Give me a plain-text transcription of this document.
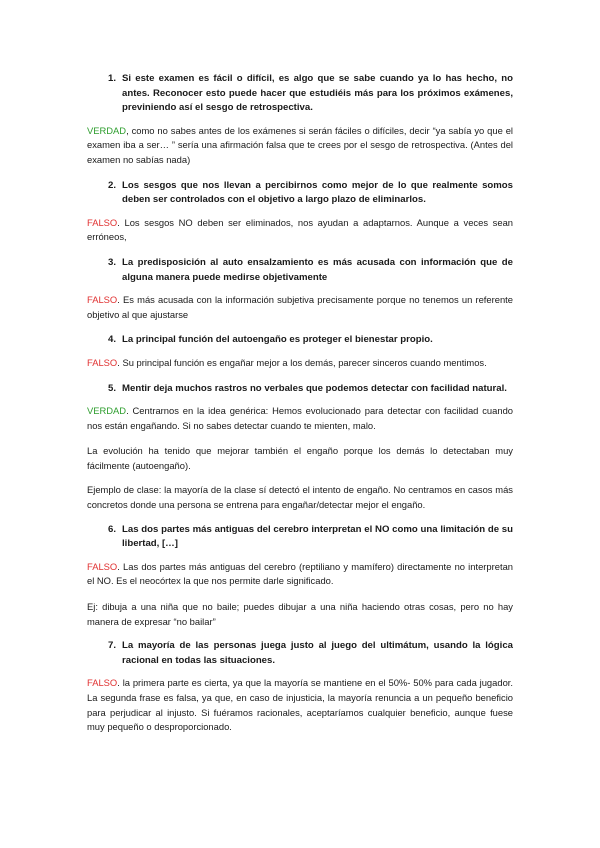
1. Si este examen es fácil o difícil, es algo que se sabe cuando ya lo has hecho, no antes. Reconocer esto puede hacer que estudiéis más para los próximos exámenes, previniendo así el sesgo de retrospectiva.

VERDAD, como no sabes antes de los exámenes si serán fáciles o difíciles, decir “ya sabía yo que el examen iba a ser… ” sería una afirmación falsa que te crees por el sesgo de retrospectiva. (Antes del examen no sabías nada)

2. Los sesgos que nos llevan a percibirnos como mejor de lo que realmente somos deben ser controlados con el objetivo a largo plazo de eliminarlos.

FALSO. Los sesgos NO deben ser eliminados, nos ayudan a adaptarnos. Aunque a veces sean erróneos,

3. La predisposición al auto ensalzamiento es más acusada con información que de alguna manera puede medirse objetivamente

FALSO. Es más acusada con la información subjetiva precisamente porque no tenemos un referente objetivo al que ajustarse

4. La principal función del autoengaño es proteger el bienestar propio.

FALSO. Su principal función es engañar mejor a los demás, parecer sinceros cuando mentimos.

5. Mentir deja muchos rastros no verbales que podemos detectar con facilidad natural.

VERDAD. Centrarnos en la idea genérica: Hemos evolucionado para detectar con facilidad cuando nos están engañando. Si no sabes detectar cuando te mienten, malo.

La evolución ha tenido que mejorar también el engaño porque los demás lo detectaban muy fácilmente (autoengaño).

Ejemplo de clase: la mayoría de la clase sí detectó el intento de engaño. No centramos en casos más concretos donde una persona se entrena para engañar/detectar mejor el engaño.

6. Las dos partes más antiguas del cerebro interpretan el NO como una limitación de su libertad, […]

FALSO. Las dos partes más antiguas del cerebro (reptiliano y mamífero) directamente no interpretan el NO. Es el neocórtex la que nos permite darle significado.

Ej: dibuja a una niña que no baile; puedes dibujar a una niña haciendo otras cosas, pero no hay manera de expresar “no bailar”

7. La mayoría de las personas juega justo al juego del ultimátum, usando la lógica racional en todas las situaciones.

FALSO. la primera parte es cierta, ya que la mayoría se mantiene en el 50%- 50% para cada jugador. La segunda frase es falsa, ya que, en caso de injusticia, la mayoría renuncia a un pequeño beneficio para perjudicar al injusto. Si fuéramos racionales, aceptaríamos cualquier beneficio, aunque fuese muy pequeño o desproporcionado.
